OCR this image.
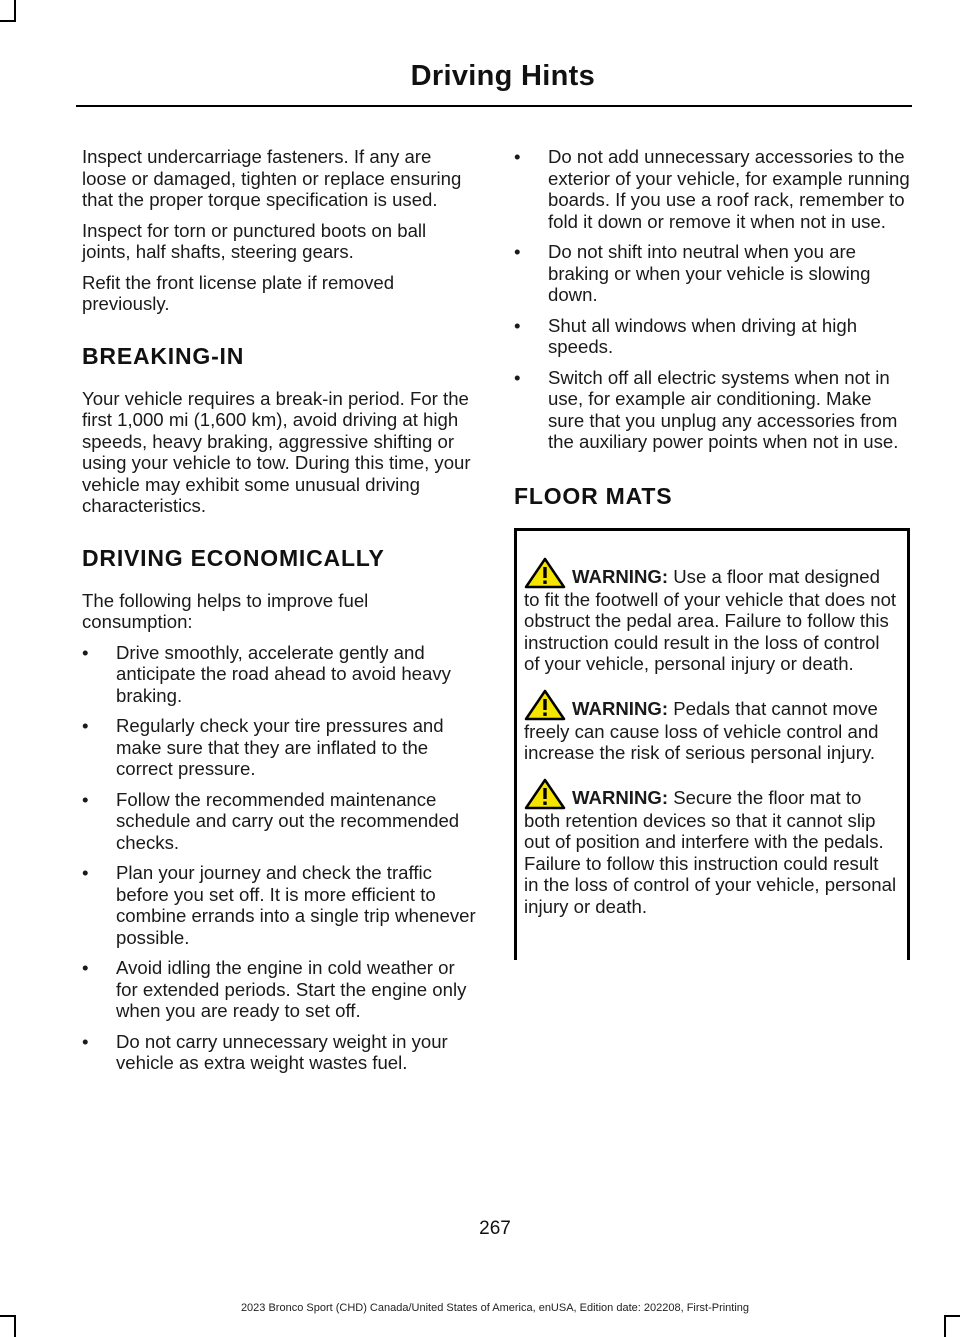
Driving Hints

Inspect undercarriage fasteners. If any are loose or damaged, tighten or replace ensuring that the proper torque specification is used.

Inspect for torn or punctured boots on ball joints, half shafts, steering gears.

Refit the front license plate if removed previously.

BREAKING-IN

Your vehicle requires a break-in period. For the first 1,000 mi (1,600 km), avoid driving at high speeds, heavy braking, aggressive shifting or using your vehicle to tow. During this time, your vehicle may exhibit some unusual driving characteristics.

DRIVING ECONOMICALLY

The following helps to improve fuel consumption:

• Drive smoothly, accelerate gently and anticipate the road ahead to avoid heavy braking.
• Regularly check your tire pressures and make sure that they are inflated to the correct pressure.
• Follow the recommended maintenance schedule and carry out the recommended checks.
• Plan your journey and check the traffic before you set off. It is more efficient to combine errands into a single trip whenever possible.
• Avoid idling the engine in cold weather or for extended periods. Start the engine only when you are ready to set off.
• Do not carry unnecessary weight in your vehicle as extra weight wastes fuel.
• Do not add unnecessary accessories to the exterior of your vehicle, for example running boards. If you use a roof rack, remember to fold it down or remove it when not in use.
• Do not shift into neutral when you are braking or when your vehicle is slowing down.
• Shut all windows when driving at high speeds.
• Switch off all electric systems when not in use, for example air conditioning. Make sure that you unplug any accessories from the auxiliary power points when not in use.
FLOOR MATS

WARNING: Use a floor mat designed to fit the footwell of your vehicle that does not obstruct the pedal area. Failure to follow this instruction could result in the loss of control of your vehicle, personal injury or death.

WARNING: Pedals that cannot move freely can cause loss of vehicle control and increase the risk of serious personal injury.

WARNING: Secure the floor mat to both retention devices so that it cannot slip out of position and interfere with the pedals. Failure to follow this instruction could result in the loss of control of your vehicle, personal injury or death.

267
2023 Bronco Sport (CHD) Canada/United States of America, enUSA, Edition date: 202208, First-Printing
